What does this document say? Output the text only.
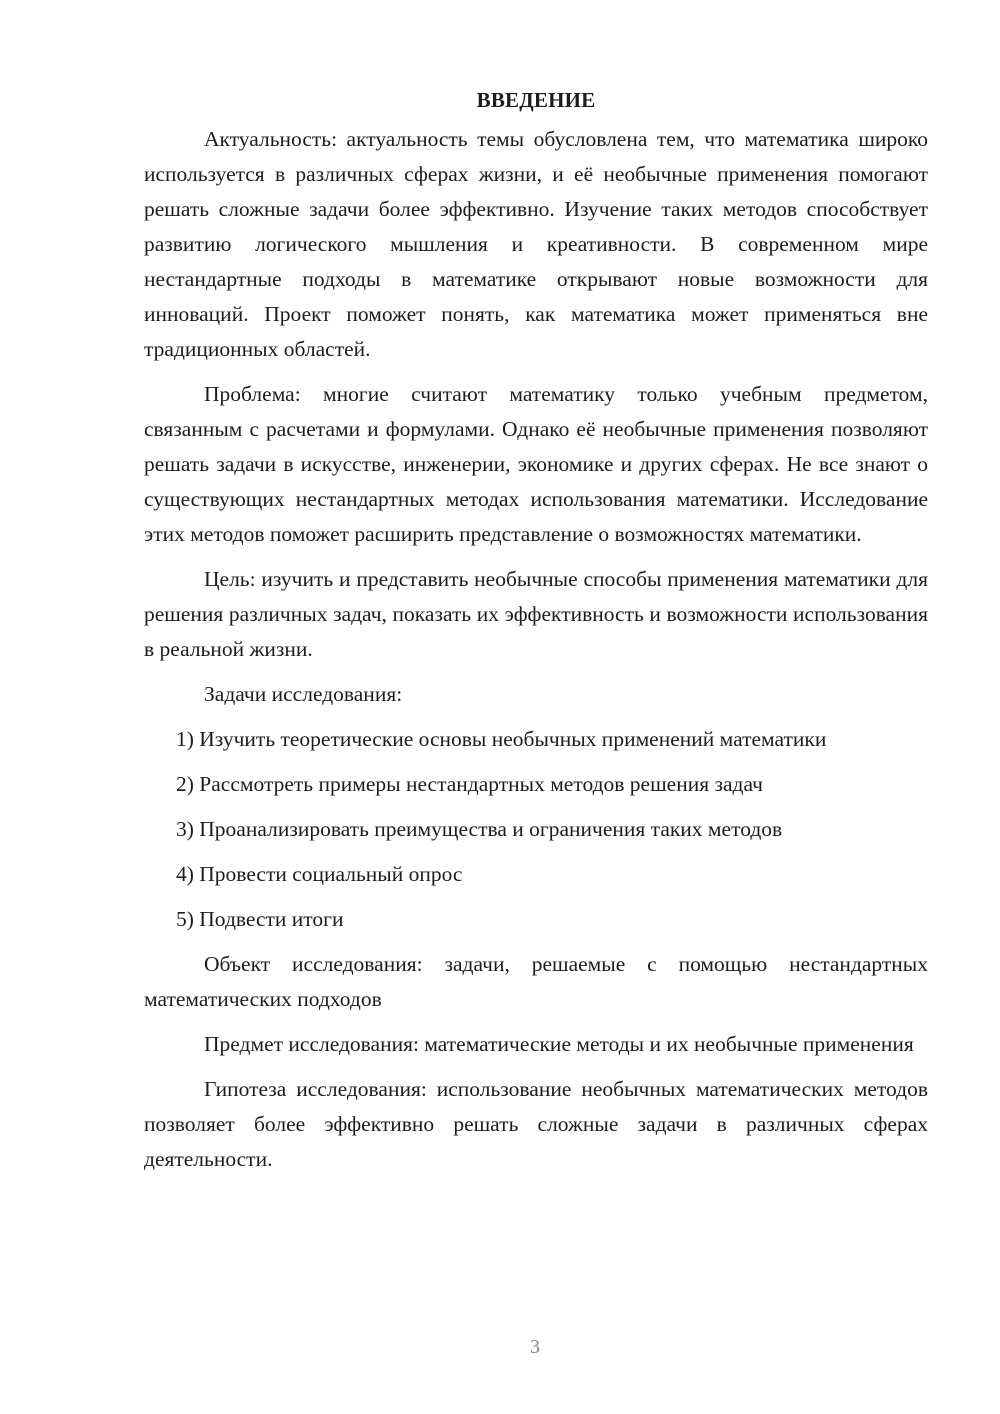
ВВЕДЕНИЕ

Актуальность: актуальность темы обусловлена тем, что математика широко используется в различных сферах жизни, и её необычные применения помогают решать сложные задачи более эффективно. Изучение таких методов способствует развитию логического мышления и креативности. В современном мире нестандартные подходы в математике открывают новые возможности для инноваций. Проект поможет понять, как математика может применяться вне традиционных областей.

Проблема: многие считают математику только учебным предметом, связанным с расчетами и формулами. Однако её необычные применения позволяют решать задачи в искусстве, инженерии, экономике и других сферах. Не все знают о существующих нестандартных методах использования математики. Исследование этих методов поможет расширить представление о возможностях математики.

Цель: изучить и представить необычные способы применения математики для решения различных задач, показать их эффективность и возможности использования в реальной жизни.

Задачи исследования:

1) Изучить теоретические основы необычных применений математики
2) Рассмотреть примеры нестандартных методов решения задач
3) Проанализировать преимущества и ограничения таких методов
4) Провести социальный опрос
5) Подвести итоги

Объект исследования: задачи, решаемые с помощью нестандартных математических подходов

Предмет исследования: математические методы и их необычные применения

Гипотеза исследования: использование необычных математических методов позволяет более эффективно решать сложные задачи в различных сферах деятельности.

3
